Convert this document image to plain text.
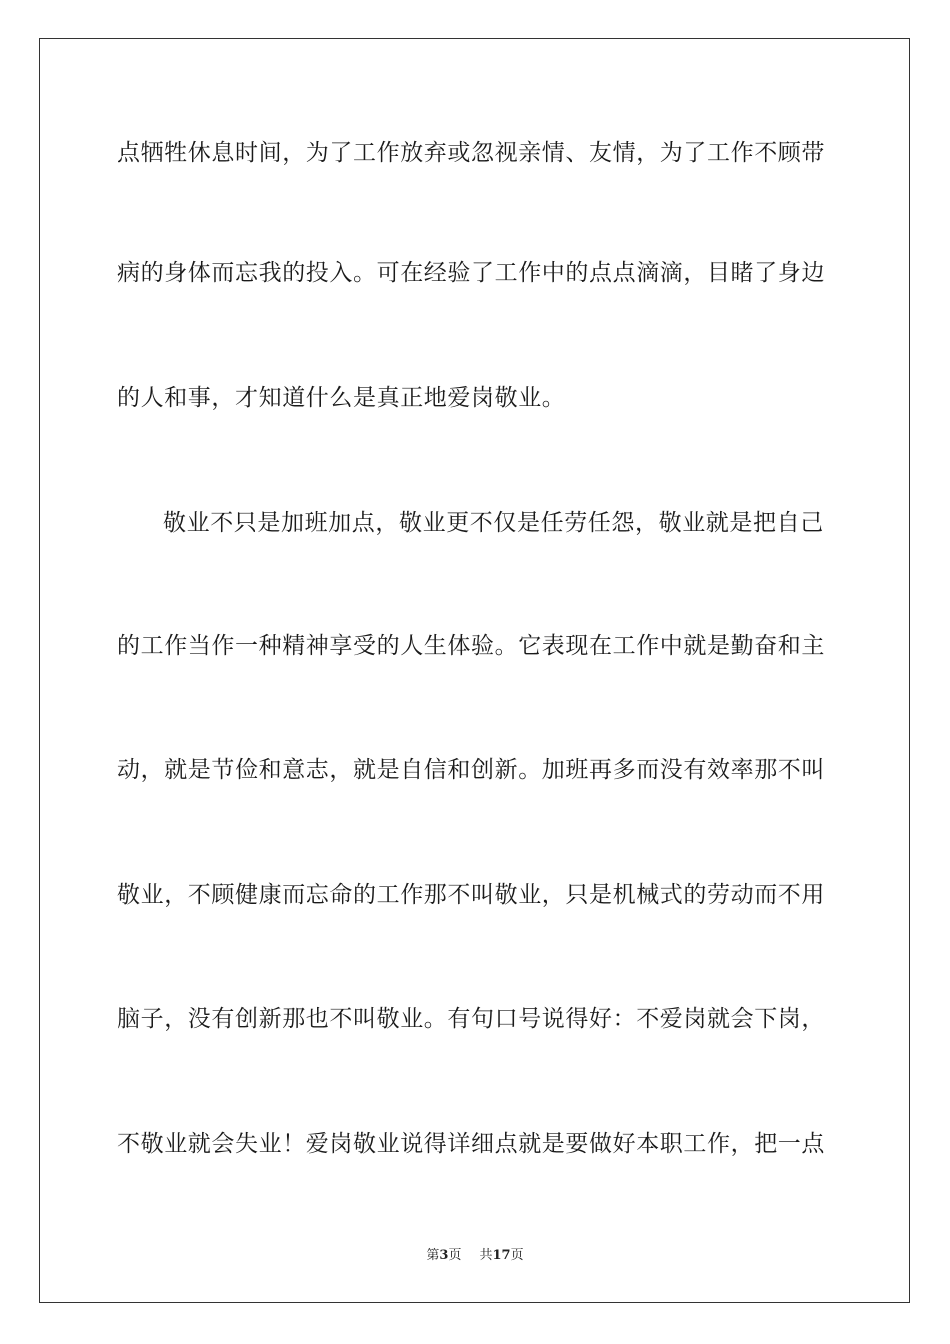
点牺牲休息时间，为了工作放弃或忽视亲情、友情，为了工作不顾带
病的身体而忘我的投入。可在经验了工作中的点点滴滴，目睹了身边
的人和事，才知道什么是真正地爱岗敬业。
敬业不只是加班加点，敬业更不仅是任劳任怨，敬业就是把自己
的工作当作一种精神享受的人生体验。它表现在工作中就是勤奋和主
动，就是节俭和意志，就是自信和创新。加班再多而没有效率那不叫
敬业，不顾健康而忘命的工作那不叫敬业，只是机械式的劳动而不用
脑子，没有创新那也不叫敬业。有句口号说得好：不爱岗就会下岗，
不敬业就会失业！爱岗敬业说得详细点就是要做好本职工作，把一点
第3页 共17页
